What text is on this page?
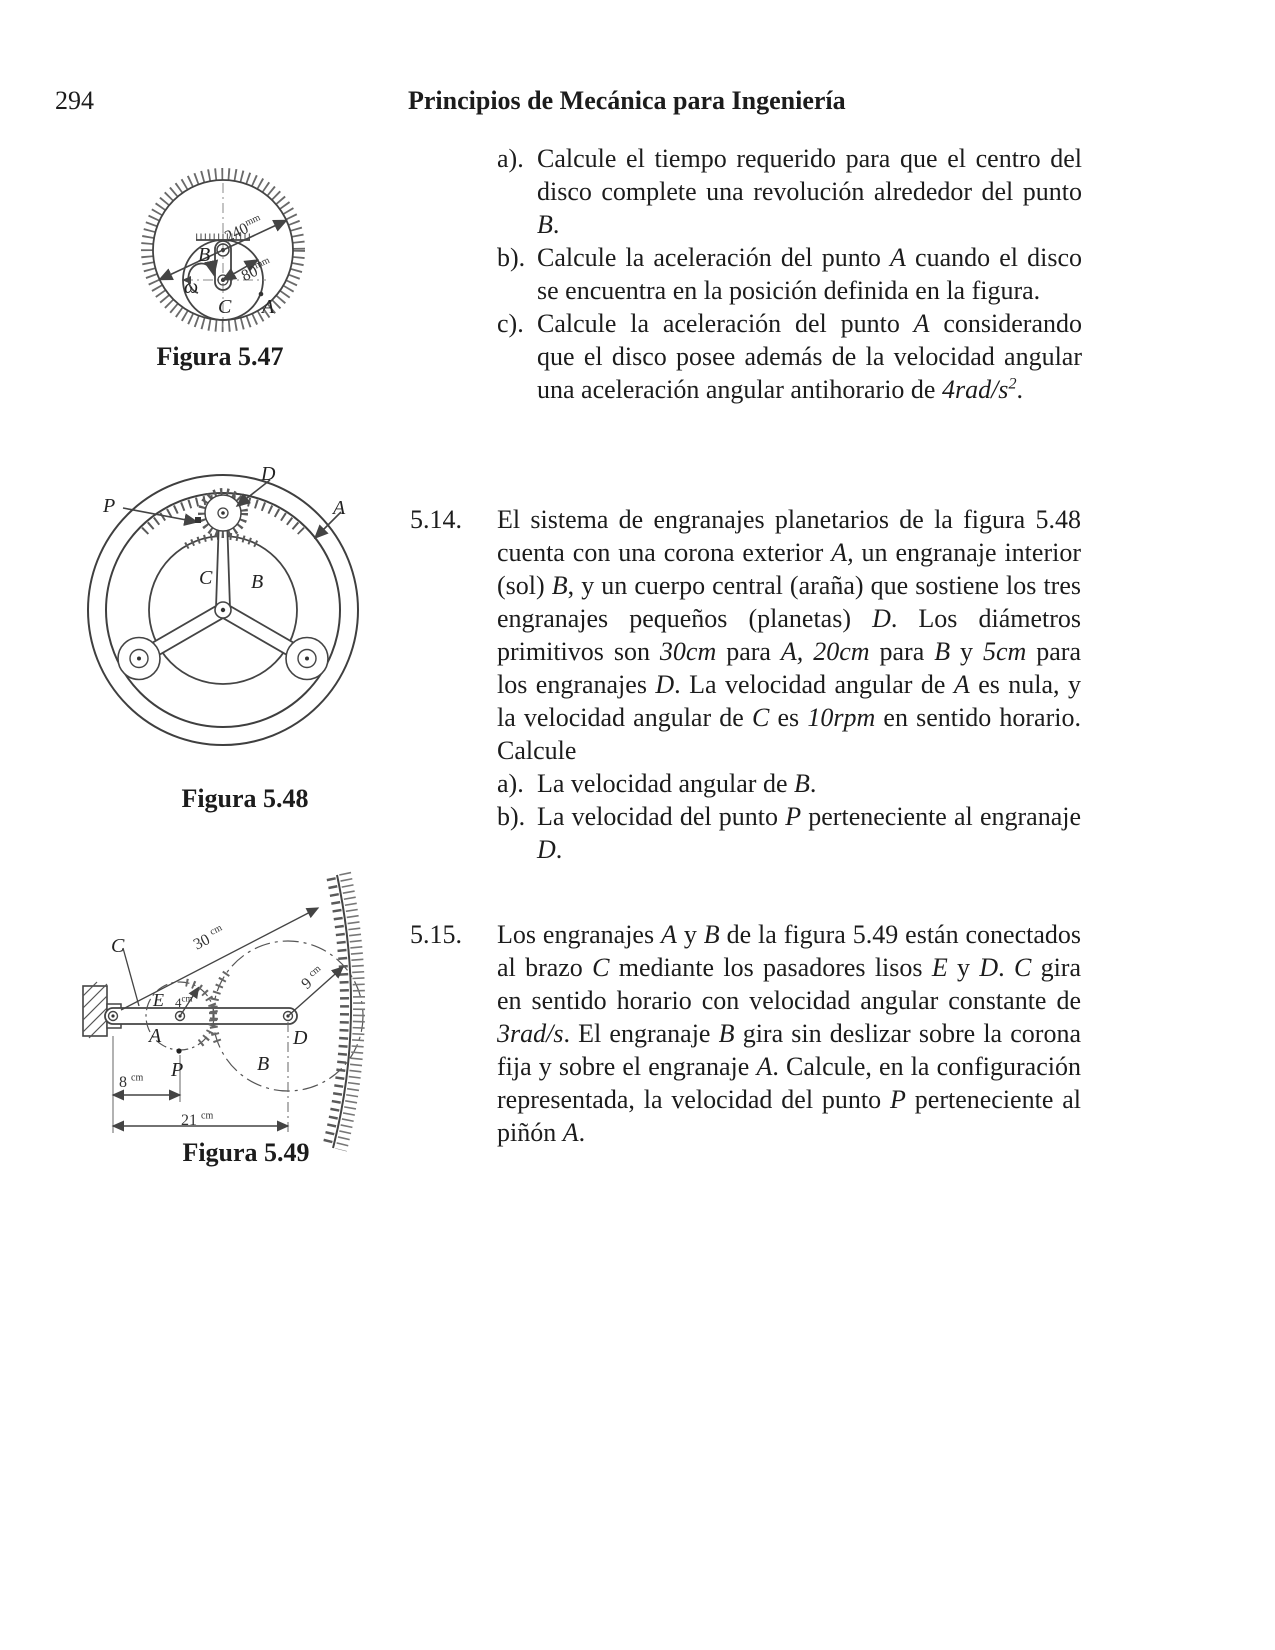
294	Principios de Mecánica para Ingeniería
$240^{mm}$
$80^{mm}$
B
C A
ω
Figura 5.47
D
P	A
C B
Figura 5.48
C
E $4^{cm}$
A
P
D
B
30 $^{cm}$
9 $^{cm}$
8 $^{cm}$
21 $^{cm}$
Figura 5.49
a). Calcule el tiempo requerido para que el centro del disco complete una revolución alrededor del punto B.

b). Calcule la aceleración del punto A cuando el disco se encuentra en la posición definida en la figura.

c). Calcule la aceleración del punto A considerando que el disco posee además de la velocidad angular una aceleración angular antihorario de $4rad/s^2$.

5.14. El sistema de engranajes planetarios de la figura 5.48 cuenta con una corona exterior A, un engranaje interior (sol) B, y un cuerpo central (araña) que sostiene los tres engranajes pequeños (planetas) D. Los diámetros primitivos son 30cm para A, 20cm para B y 5cm para los engranajes D. La velocidad angular de A es nula, y la velocidad angular de C es 10rpm en sentido horario. Calcule

a). La velocidad angular de B.

b). La velocidad del punto P perteneciente al engranaje D.

5.15. Los engranajes A y B de la figura 5.49 están conectados al brazo C mediante los pasadores lisos E y D. C gira en sentido horario con velocidad angular constante de 3rad/s. El engranaje B gira sin deslizar sobre la corona fija y sobre el engranaje A. Calcule, en la configuración representada, la velocidad del punto P perteneciente al piñón A.
